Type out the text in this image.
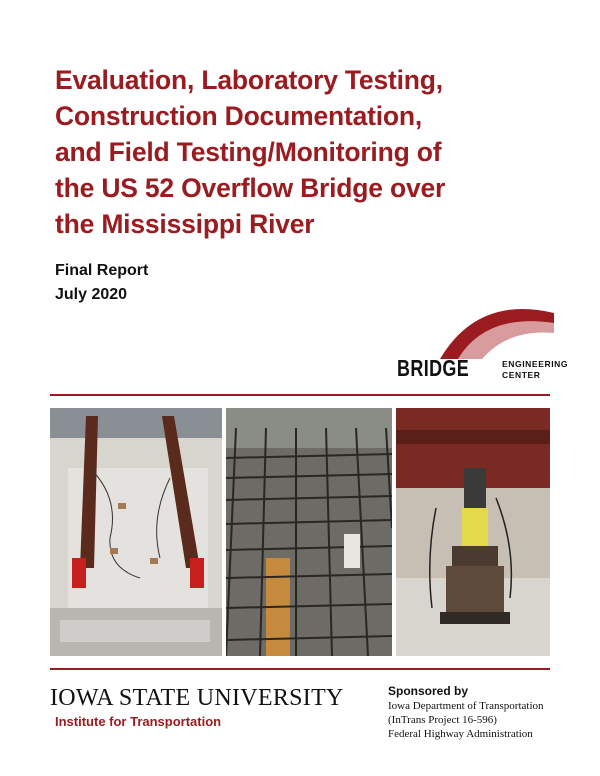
Evaluation, Laboratory Testing,
Construction Documentation,
and Field Testing/Monitoring of
the US 52 Overflow Bridge over
the Mississippi River

Final Report

July 2020

BRIDGE	ENGINEERING
CENTER

IOWA STATE UNIVERSITY

Institute for Transportation

Sponsored by

Iowa Department of Transportation

(InTrans Project 16-596)

Federal Highway Administration
